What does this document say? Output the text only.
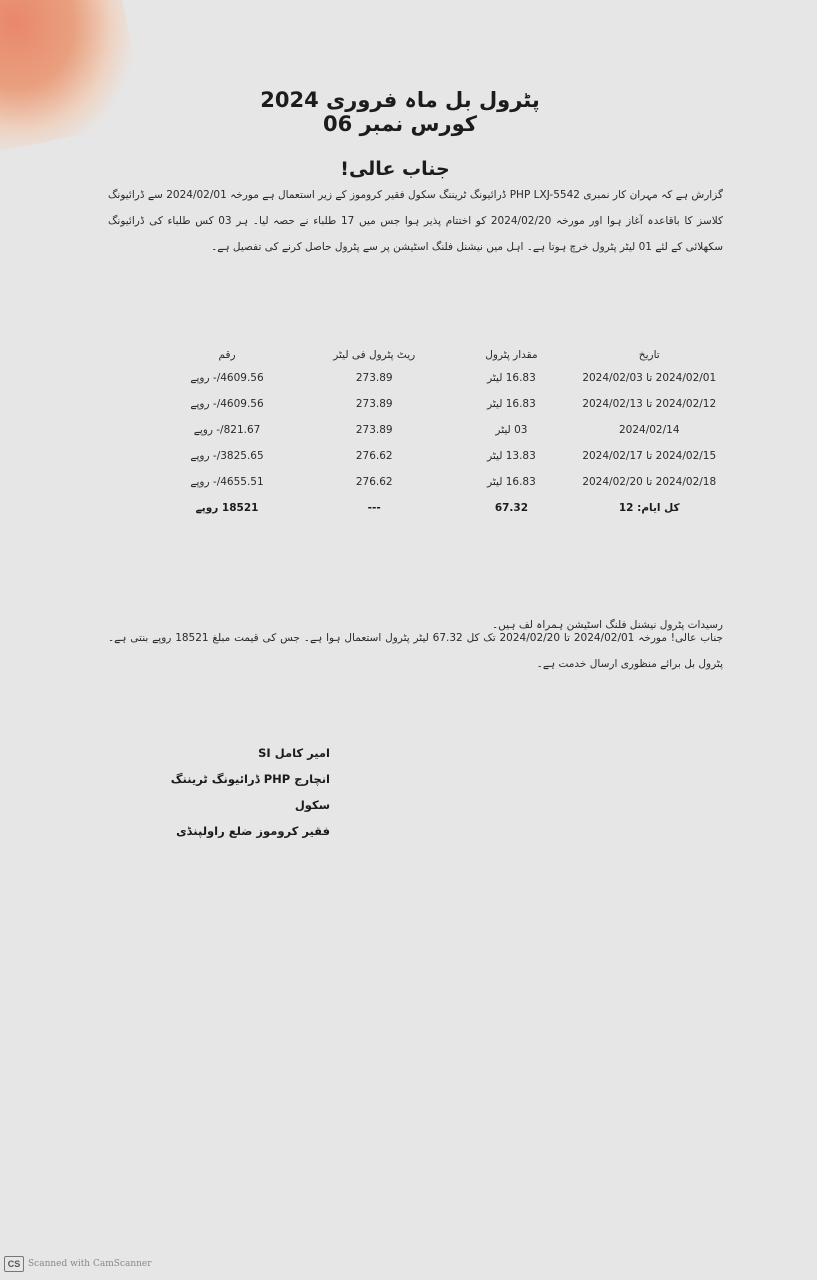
پٹرول بل ماہ فروری 2024 کورس نمبر 06
جناب عالی!
گزارش ہے کہ مہران کار نمبری PHP LXJ-5542 ڈرائیونگ ٹریننگ سکول فقیر کروموز کے زیر استعمال ہے مورخہ 2024/02/01 سے ڈرائیونگ کلاسز کا باقاعدہ آغاز ہوا اور مورخہ 2024/02/20 کو اختتام پذیر ہوا جس میں 17 طلباء نے حصہ لیا۔ ہر 03 کس طلباء کی ڈرائیونگ سکھلائی کے لئے 01 لیٹر پٹرول خرچ ہوتا ہے۔ اہل میں نیشنل فلنگ اسٹیشن پر سے پٹرول حاصل کرنے کی تفصیل ہے۔
تاریخ	مقدار پٹرول	ریٹ پٹرول فی لیٹر	رقم
2024/02/01 تا 2024/02/03	16.83 لیٹر	273.89	4609.56/- روپے
2024/02/12 تا 2024/02/13	16.83 لیٹر	273.89	4609.56/- روپے
2024/02/14	03 لیٹر	273.89	821.67/- روپے
2024/02/15 تا 2024/02/17	13.83 لیٹر	276.62	3825.65/- روپے
2024/02/18 تا 2024/02/20	16.83 لیٹر	276.62	4655.51/- روپے
کل ایام: 12	67.32	---	18521 روپے
رسیدات پٹرول نیشنل فلنگ اسٹیشن ہمراہ لف ہیں۔
جناب عالی! مورخہ 2024/02/01 تا 2024/02/20 تک کل 67.32 لیٹر پٹرول استعمال ہوا ہے۔ جس کی قیمت مبلغ 18521 روپے بنتی ہے۔ پٹرول بل برائے منظوری ارسال خدمت ہے۔
امیر کامل SI
انچارج PHP ڈرائیونگ ٹریننگ سکول
فقیر کروموز ضلع راولپنڈی
CS Scanned with CamScanner
